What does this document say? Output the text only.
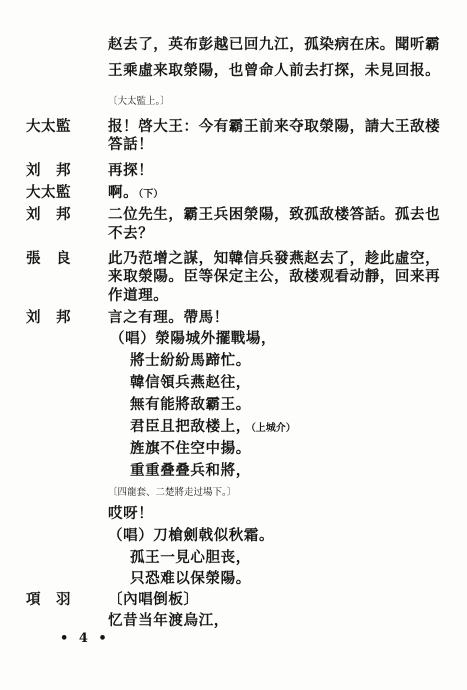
赵去了，英布彭越已回九江，孤染病在床。聞听霸
王乘虛来取滎陽，也曾命人前去打探，未見回报。
〔大太監上。〕
大太監	报！啓大王：今有霸王前来夺取滎陽，請大王敌楼
答話！
刘　邦	再探！
大太監	啊。（下）
刘　邦	二位先生，霸王兵困滎陽，致孤敌楼答話。孤去也
不去？
張　良	此乃范增之謀，知韓信兵發燕赵去了，趁此虛空，
来取滎陽。臣等保定主公，敌楼观看动靜，回来再
作道理。
刘　邦	言之有理。帶馬！
（唱）滎陽城外擺戰場，
將士紛紛馬蹄忙。
韓信領兵燕赵往，
無有能將敌霸王。
君臣且把敌楼上，（上城介）
旌旗不住空中揚。
重重叠叠兵和將，
〔四龍套、二楚將走过場下。〕
哎呀！
（唱）刀槍劍戟似秋霜。
孤王一見心胆丧，
只恐难以保滎陽。
項　羽	〔內唱倒板〕
忆昔当年渡烏江，
• 4 •
